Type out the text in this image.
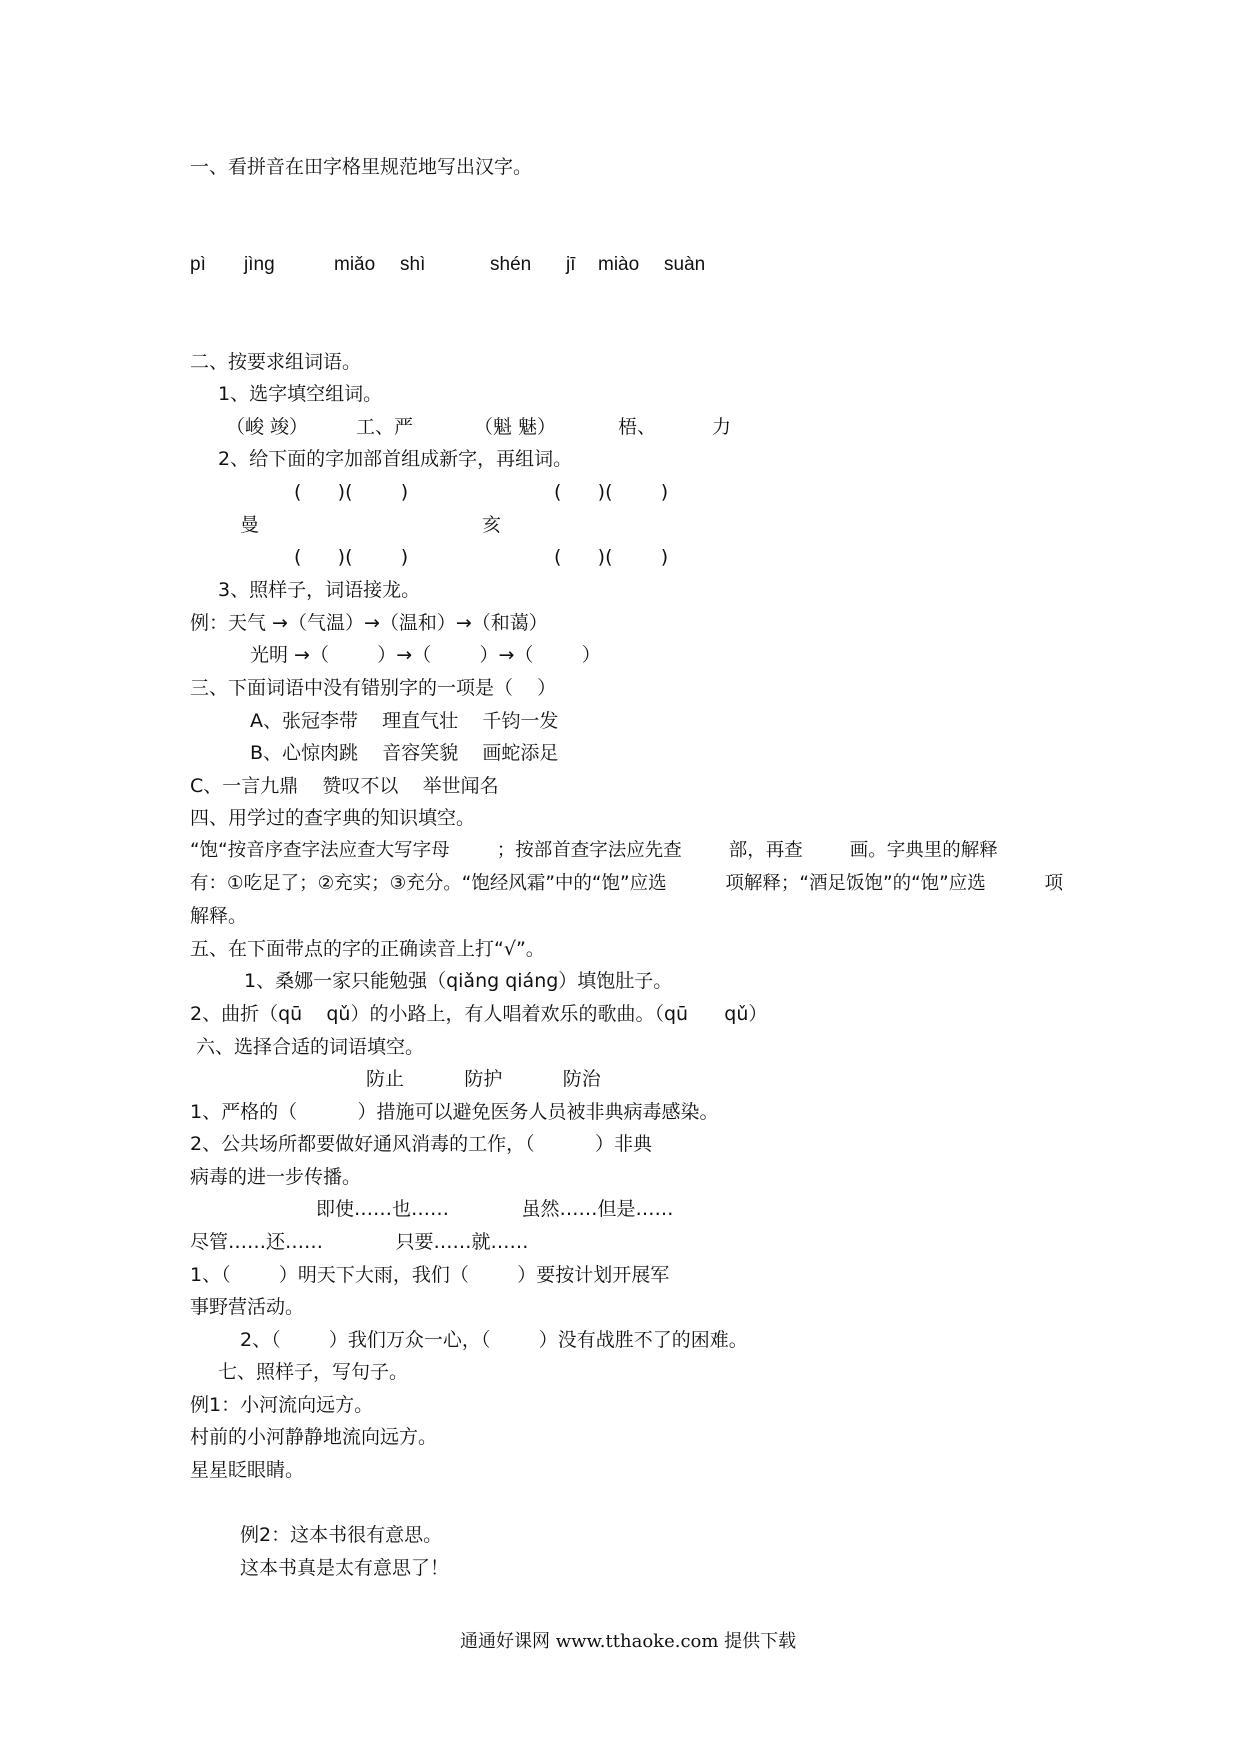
一、看拼音在田字格里规范地写出汉字。
pì jìng	miǎo shì	shén jī miào suàn
二、按要求组词语。
1、选字填空组词。
（峻 竣）	工、严	（魁 魅）	梧、	力
2、给下面的字加部首组成新字，再组词。
(      )(        )	(      )(        )
曼	亥
(      )(        )	(      )(        )
3、照样子，词语接龙。
例：天气 →（气温）→（温和）→（和蔼）
光明 →（        ）→（        ）→（        ）
三、下面词语中没有错别字的一项是（    ）
A、张冠李带    理直气壮    千钧一发
B、心惊肉跳    音容笑貌    画蛇添足
C、一言九鼎    赞叹不以    举世闻名
四、用学过的查字典的知识填空。
“饱“按音序查字法应查大写字母        ；按部首查字法应先查        部，再查        画。字典里的解释
有：①吃足了；②充实；③充分。“饱经风霜”中的“饱”应选          项解释；“酒足饭饱”的“饱”应选          项
解释。
五、在下面带点的字的正确读音上打“√”。
1、桑娜一家只能勉强（qiǎng qiáng）填饱肚子。
2、曲折（qū    qǔ）的小路上，有人唱着欢乐的歌曲。（qū      qǔ）
六、选择合适的词语填空。
防止          防护          防治
1、严格的（          ）措施可以避免医务人员被非典病毒感染。
2、公共场所都要做好通风消毒的工作，（          ）非典
病毒的进一步传播。
即使……也……            虽然……但是……
尽管……还……            只要……就……
1、（        ）明天下大雨，我们（        ）要按计划开展军
事野营活动。
2、（        ）我们万众一心，（        ）没有战胜不了的困难。
七、照样子，写句子。
例1：小河流向远方。
村前的小河静静地流向远方。
星星眨眼睛。
例2：这本书很有意思。
这本书真是太有意思了！
通通好课网 www.tthaoke.com 提供下载
